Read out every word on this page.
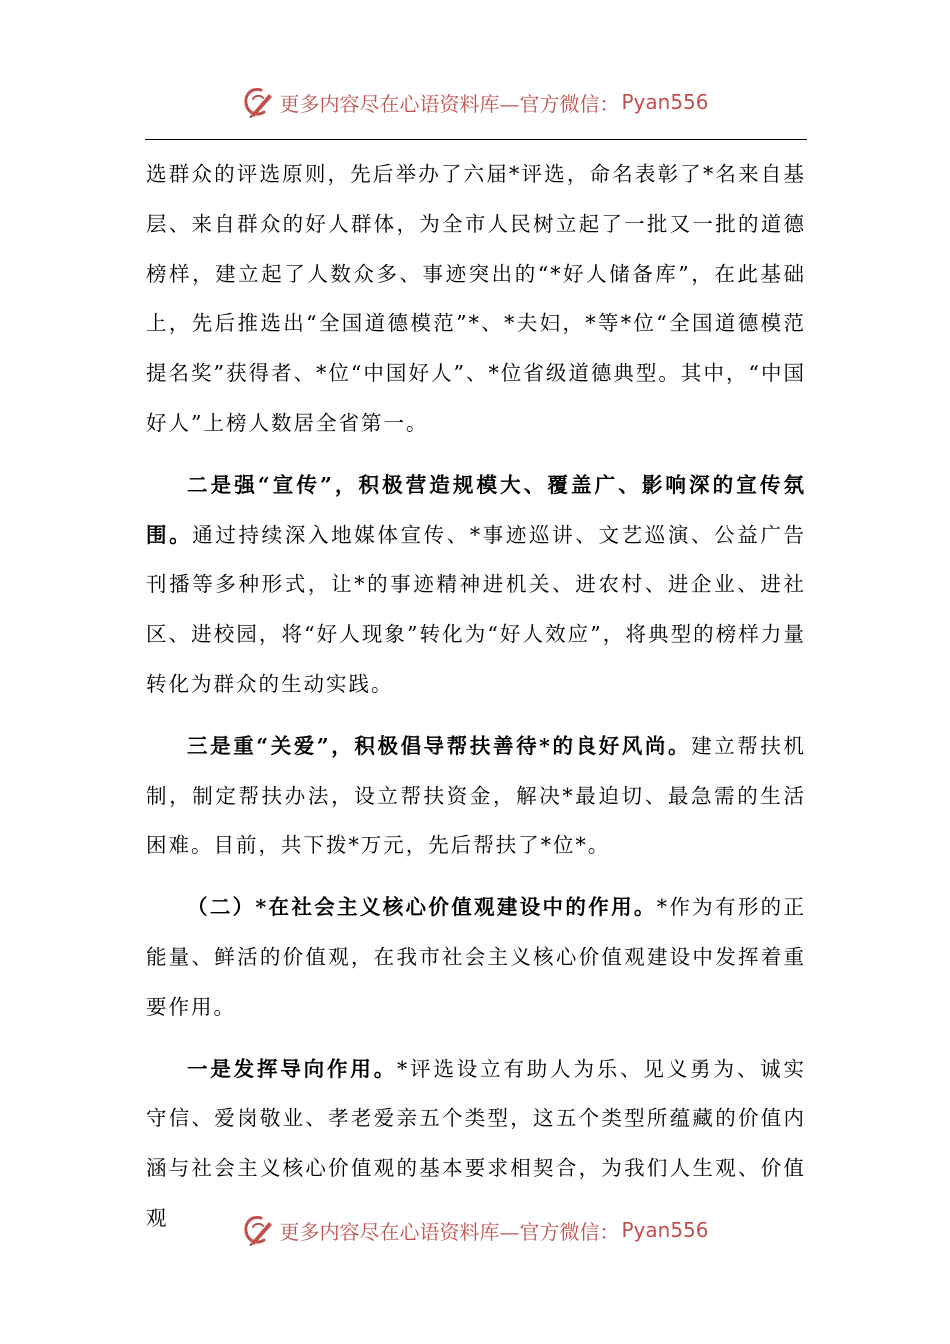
更多内容尽在心语资料库—官方微信： Pyan556

选群众的评选原则，先后举办了六届*评选，命名表彰了*名来自基层、来自群众的好人群体，为全市人民树立起了一批又一批的道德榜样，建立起了人数众多、事迹突出的“*好人储备库”，在此基础上，先后推选出“全国道德模范”*、*夫妇，*等*位“全国道德模范提名奖”获得者、*位“中国好人”、*位省级道德典型。其中，“中国好人”上榜人数居全省第一。

二是强“宣传”，积极营造规模大、覆盖广、影响深的宣传氛围。通过持续深入地媒体宣传、*事迹巡讲、文艺巡演、公益广告刊播等多种形式，让*的事迹精神进机关、进农村、进企业、进社区、进校园，将“好人现象”转化为“好人效应”，将典型的榜样力量转化为群众的生动实践。

三是重“关爱”，积极倡导帮扶善待*的良好风尚。建立帮扶机制，制定帮扶办法，设立帮扶资金，解决*最迫切、最急需的生活困难。目前，共下拨*万元，先后帮扶了*位*。

（二）*在社会主义核心价值观建设中的作用。*作为有形的正能量、鲜活的价值观，在我市社会主义核心价值观建设中发挥着重要作用。

一是发挥导向作用。*评选设立有助人为乐、见义勇为、诚实守信、爱岗敬业、孝老爱亲五个类型，这五个类型所蕴藏的价值内涵与社会主义核心价值观的基本要求相契合，为我们人生观、价值观

更多内容尽在心语资料库—官方微信： Pyan556
